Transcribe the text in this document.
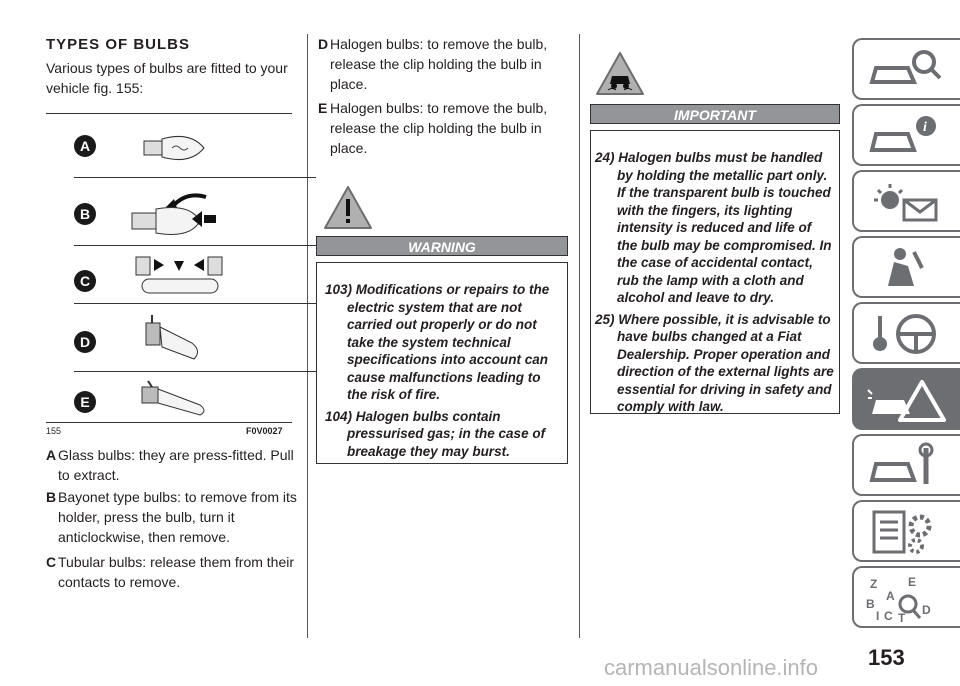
TYPES OF BULBS
Various types of bulbs are fitted to your vehicle fig. 155:
A
B
C
D
E
155	F0V0027
A Glass bulbs: they are press-fitted. Pull to extract.
B Bayonet type bulbs: to remove from its holder, press the bulb, turn it anticlockwise, then remove.
C Tubular bulbs: release them from their contacts to remove.
D Halogen bulbs: to remove the bulb, release the clip holding the bulb in place.
E Halogen bulbs: to remove the bulb, release the clip holding the bulb in place.
WARNING
103) Modifications or repairs to the electric system that are not carried out properly or do not take the system technical specifications into account can cause malfunctions leading to the risk of fire.
104) Halogen bulbs contain pressurised gas; in the case of breakage they may burst.
IMPORTANT
24) Halogen bulbs must be handled by holding the metallic part only. If the transparent bulb is touched with the fingers, its lighting intensity is reduced and life of the bulb may be compromised. In the case of accidental contact, rub the lamp with a cloth and alcohol and leave to dry.
25) Where possible, it is advisable to have bulbs changed at a Fiat Dealership. Proper operation and direction of the external lights are essential for driving in safety and comply with law.
i
Z	E
B
A
I C T
D
153
carmanualsonline.info
